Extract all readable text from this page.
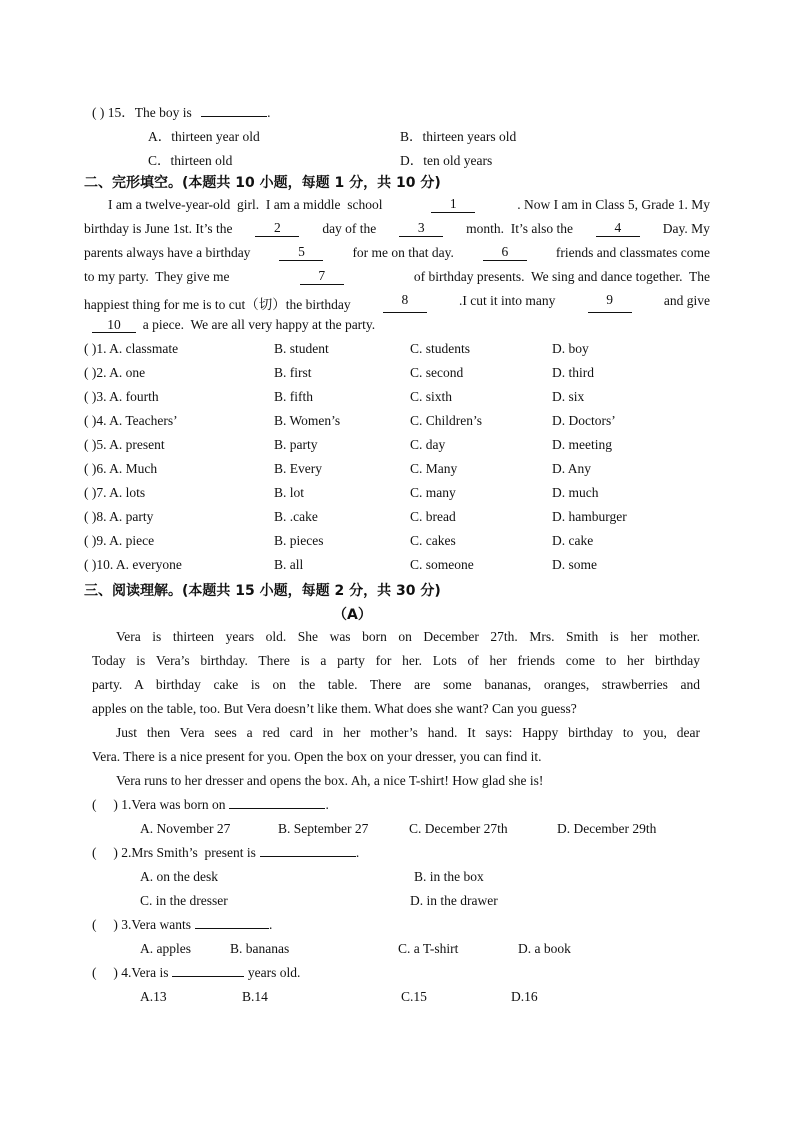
( ) 15．The boy is	.
A．thirteen year old	B．thirteen years old
C．thirteen old	D．ten old years
二、完形填空。(本题共 10 小题，每题 1 分，共 10 分)
I am a twelve-year-old  girl.  I am a middle  school	1	. Now I am in Class 5, Grade 1. My
birthday is June 1st. It’s the	2	day of the	3	month.  It’s also the	4	Day. My
parents always have a birthday	5	for me on that day.	6	friends and classmates come
to my party.  They give me	7	of birthday presents.  We sing and dance together.  The
happiest thing for me is to cut（切）the birthday	8	.I cut it into many	9	and give
10  a piece.  We are all very happy at the party.
( )1. A. classmate	B. student	C. students	D. boy
( )2. A. one	B. first	C. second	D. third
( )3. A. fourth	B. fifth	C. sixth	D. six
( )4. A. Teachers’	B. Women’s	C. Children’s	D. Doctors’
( )5. A. present	B. party	C. day	D. meeting
( )6. A. Much	B. Every	C. Many	D. Any
( )7. A. lots	B. lot	C. many	D. much
( )8. A. party	B. .cake	C. bread	D. hamburger
( )9. A. piece	B. pieces	C. cakes	D. cake
( )10. A. everyone	B. all	C. someone	D. some
三、阅读理解。(本题共 15 小题，每题 2 分，共 30 分)
（A）
Vera is thirteen years old. She was born on December 27th. Mrs. Smith is her mother.
Today is Vera’s birthday. There is a party for her. Lots of her friends come to her birthday
party. A birthday cake is on the table. There are some bananas, oranges, strawberries and
apples on the table, too. But Vera doesn’t like them. What does she want? Can you guess?
Just then Vera sees a red card in her mother’s hand. It says: Happy birthday to you, dear
Vera. There is a nice present for you. Open the box on your dresser, you can find it.
Vera runs to her dresser and opens the box. Ah, a nice T-shirt! How glad she is!
(     ) 1.Vera was born on	.
A. November 27	B. September 27	C. December 27th	D. December 29th
(     ) 2.Mrs Smith’s  present is	.
A. on the desk	B. in the box
C. in the dresser	D. in the drawer
(     ) 3.Vera wants	.
A. apples	B. bananas	C. a T-shirt	D. a book
(     ) 4.Vera is	years old.
A.13	B.14	C.15	D.16
